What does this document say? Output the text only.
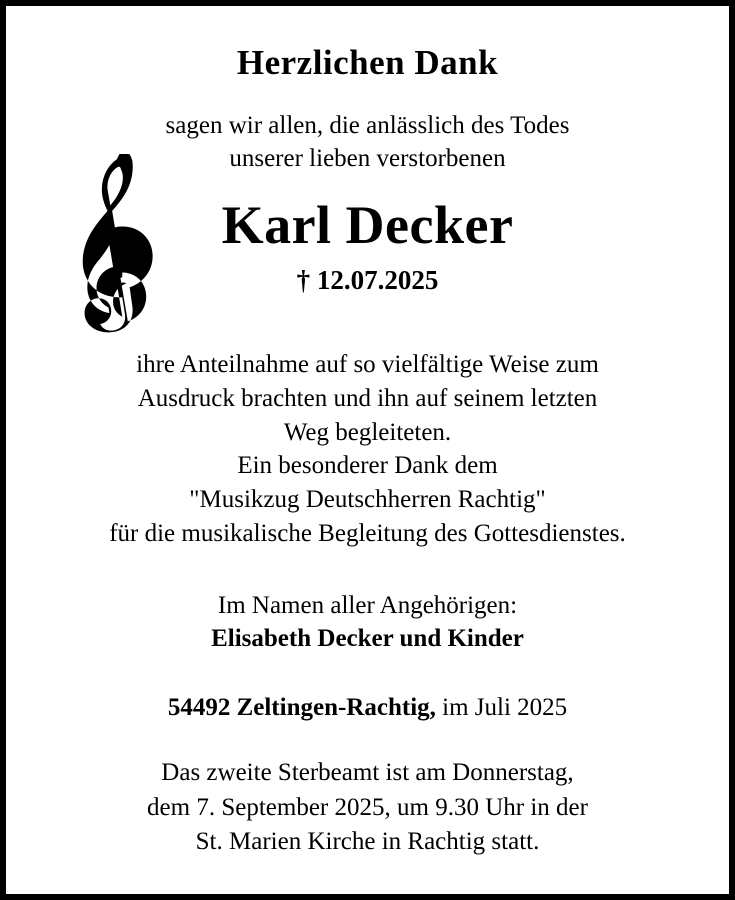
Herzlichen Dank

sagen wir allen, die anlässlich des Todes
unserer lieben verstorbenen

Karl Decker
† 12.07.2025

ihre Anteilnahme auf so vielfältige Weise zum
Ausdruck brachten und ihn auf seinem letzten
Weg begleiteten.
Ein besonderer Dank dem
"Musikzug Deutschherren Rachtig"
für die musikalische Begleitung des Gottesdienstes.

Im Namen aller Angehörigen:
Elisabeth Decker und Kinder
54492 Zeltingen-Rachtig, im Juli 2025

Das zweite Sterbeamt ist am Donnerstag,
dem 7. September 2025, um 9.30 Uhr in der
St. Marien Kirche in Rachtig statt.
